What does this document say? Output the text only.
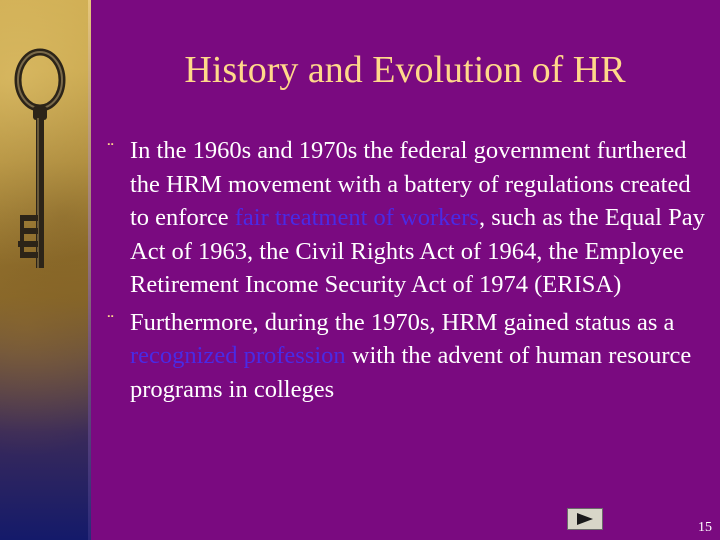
History and Evolution of HR
¨ In the 1960s and 1970s the federal government furthered the HRM movement with a battery of regulations created to enforce fair treatment of workers, such as the Equal Pay Act of 1963, the Civil Rights Act of 1964, the Employee Retirement Income Security Act of 1974 (ERISA)
¨ Furthermore, during the 1970s, HRM gained status as a recognized profession with the advent of human resource programs in colleges
15
